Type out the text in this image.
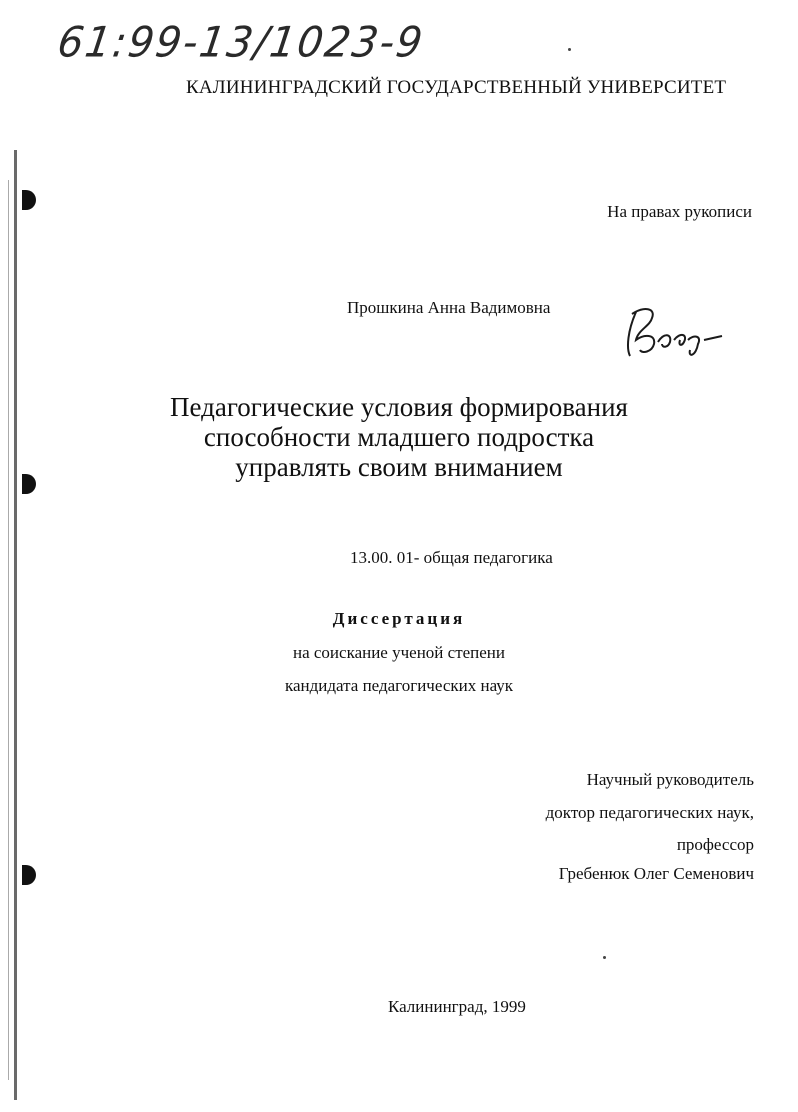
61:99-13/1023-9
КАЛИНИНГРАДСКИЙ ГОСУДАРСТВЕННЫЙ УНИВЕРСИТЕТ
На правах рукописи
Прошкина Анна Вадимовна
Педагогические условия формирования
способности младшего подростка
управлять своим вниманием
13.00. 01- общая педагогика
Диссертация
на соискание ученой степени
кандидата педагогических наук
Научный руководитель
доктор педагогических наук,
профессор
Гребенюк Олег Семенович
Калининград, 1999
